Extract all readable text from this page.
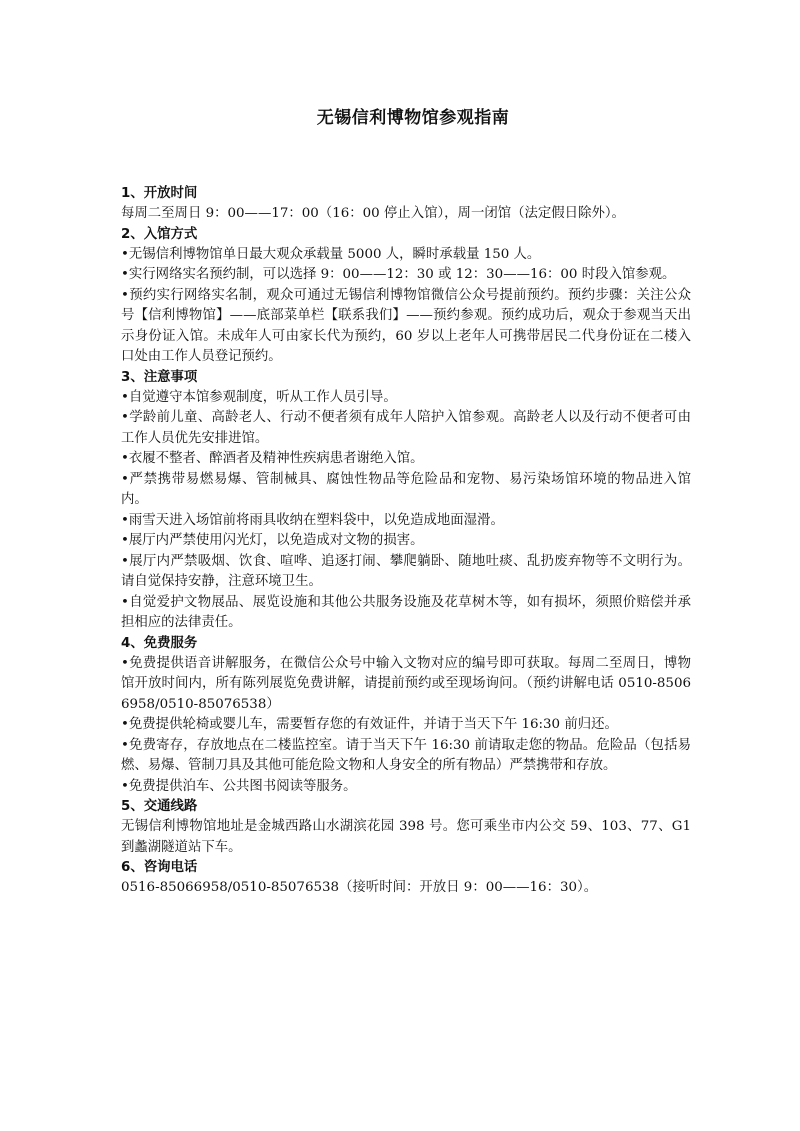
无锡信利博物馆参观指南

1、开放时间

每周二至周日 9：00——17：00（16：00 停止入馆），周一闭馆（法定假日除外）。

2、入馆方式

•无锡信利博物馆单日最大观众承载量 5000 人，瞬时承载量 150 人。

•实行网络实名预约制，可以选择 9：00——12：30 或 12：30——16：00 时段入馆参观。

•预约实行网络实名制，观众可通过无锡信利博物馆微信公众号提前预约。预约步骤：关注公众号【信利博物馆】——底部菜单栏【联系我们】——预约参观。预约成功后，观众于参观当天出示身份证入馆。未成年人可由家长代为预约，60 岁以上老年人可携带居民二代身份证在二楼入口处由工作人员登记预约。

3、注意事项

•自觉遵守本馆参观制度，听从工作人员引导。

•学龄前儿童、高龄老人、行动不便者须有成年人陪护入馆参观。高龄老人以及行动不便者可由工作人员优先安排进馆。

•衣履不整者、醉酒者及精神性疾病患者谢绝入馆。

•严禁携带易燃易爆、管制械具、腐蚀性物品等危险品和宠物、易污染场馆环境的物品进入馆内。

•雨雪天进入场馆前将雨具收纳在塑料袋中，以免造成地面湿滑。

•展厅内严禁使用闪光灯，以免造成对文物的损害。

•展厅内严禁吸烟、饮食、喧哗、追逐打闹、攀爬躺卧、随地吐痰、乱扔废弃物等不文明行为。请自觉保持安静，注意环境卫生。

•自觉爱护文物展品、展览设施和其他公共服务设施及花草树木等，如有损坏，须照价赔偿并承担相应的法律责任。

4、免费服务

•免费提供语音讲解服务，在微信公众号中输入文物对应的编号即可获取。每周二至周日，博物馆开放时间内，所有陈列展览免费讲解，请提前预约或至现场询问。（预约讲解电话 0510-85066958/0510-85076538）

•免费提供轮椅或婴儿车，需要暂存您的有效证件，并请于当天下午 16:30 前归还。

•免费寄存，存放地点在二楼监控室。请于当天下午 16:30 前请取走您的物品。危险品（包括易燃、易爆、管制刀具及其他可能危险文物和人身安全的所有物品）严禁携带和存放。

•免费提供泊车、公共图书阅读等服务。

5、交通线路

无锡信利博物馆地址是金城西路山水湖滨花园 398 号。您可乘坐市内公交 59、103、77、G1 到蠡湖隧道站下车。

6、咨询电话

0516-85066958/0510-85076538（接听时间：开放日 9：00——16：30）。
